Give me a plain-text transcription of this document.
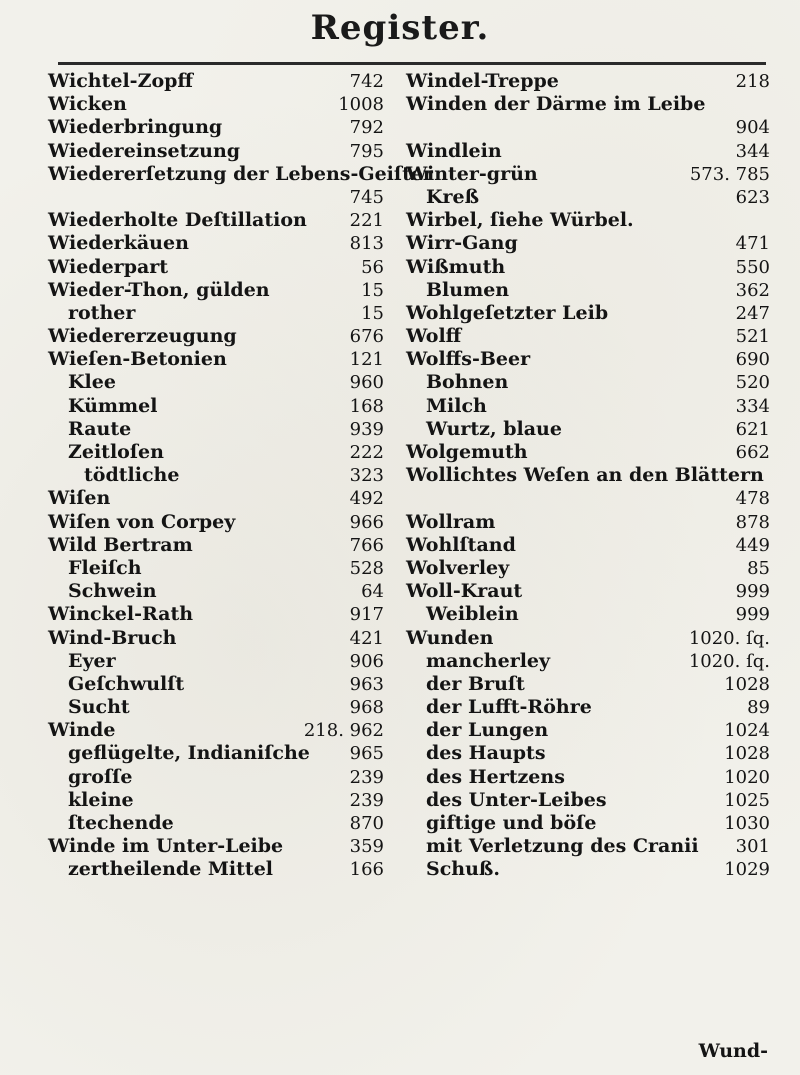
Register.
Wichtel-Zopff	742
Wicken	1008
Wiederbringung	792
Wiedereinsetzung	795
Wiedererſetzung der Lebens-Geiſter
745
Wiederholte Deſtillation 221
Wiederkäuen	813
Wiederpart	56
Wieder-Thon, gülden	15
rother	15
Wiedererzeugung	676
Wieſen-Betonien	121
Klee	960
Kümmel	168
Raute	939
Zeitloſen	222
tödtliche	323
Wiſen	492
Wiſen von Corpey	966
Wild Bertram	766
Fleiſch	528
Schwein	64
Winckel-Rath	917
Wind-Bruch	421
Eyer	906
Geſchwulſt	963
Sucht	968
Winde	218. 962
geflügelte, Indianiſche 965
groſſe	239
kleine	239
ſtechende	870
Winde im Unter-Leibe	359
zertheilende Mittel	166
Windel-Treppe	218
Winden der Därme im Leibe
904
Windlein	344
Winter-grün	573. 785
Kreß	623
Wirbel, ſiehe Würbel.
Wirr-Gang	471
Wißmuth	550
Blumen	362
Wohlgeſetzter Leib	247
Wolff	521
Wolffs-Beer	690
Bohnen	520
Milch	334
Wurtz, blaue	621
Wolgemuth	662
Wollichtes Weſen an den Blättern
478
Wollram	878
Wohlſtand	449
Wolverley	85
Woll-Kraut	999
Weiblein	999
Wunden	1020. ſq.
mancherley	1020. ſq.
der Bruſt	1028
der Lufft-Röhre	89
der Lungen	1024
des Haupts	1028
des Hertzens	1020
des Unter-Leibes	1025
giftige und böſe	1030
mit Verletzung des Cranii 301
Schuß.	1029
Wund-
